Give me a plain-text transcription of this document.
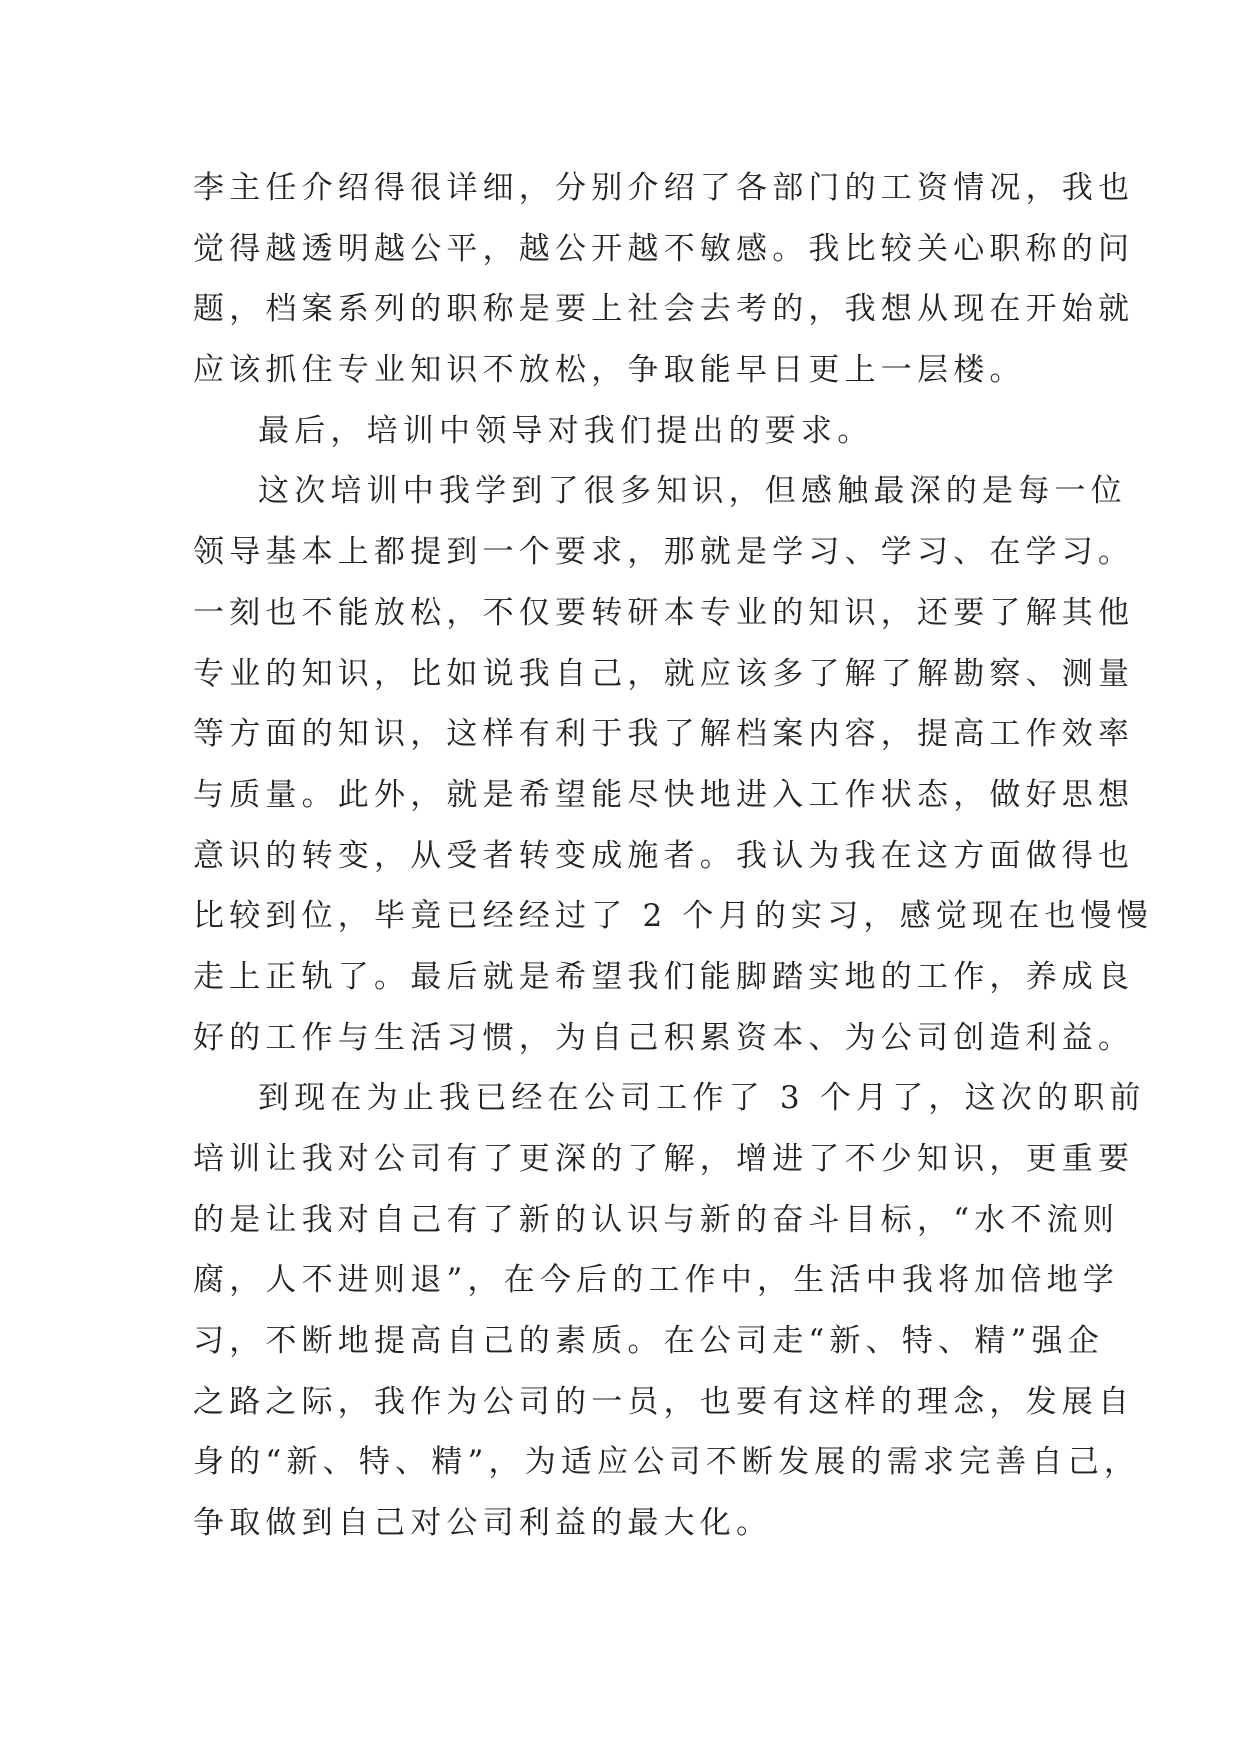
李主任介绍得很详细，分别介绍了各部门的工资情况，我也
觉得越透明越公平，越公开越不敏感。我比较关心职称的问
题，档案系列的职称是要上社会去考的，我想从现在开始就
应该抓住专业知识不放松，争取能早日更上一层楼。
最后，培训中领导对我们提出的要求。
这次培训中我学到了很多知识，但感触最深的是每一位
领导基本上都提到一个要求，那就是学习、学习、在学习。
一刻也不能放松，不仅要转研本专业的知识，还要了解其他
专业的知识，比如说我自己，就应该多了解了解勘察、测量
等方面的知识，这样有利于我了解档案内容，提高工作效率
与质量。此外，就是希望能尽快地进入工作状态，做好思想
意识的转变，从受者转变成施者。我认为我在这方面做得也
比较到位，毕竟已经经过了 2 个月的实习，感觉现在也慢慢
走上正轨了。最后就是希望我们能脚踏实地的工作，养成良
好的工作与生活习惯，为自己积累资本、为公司创造利益。
到现在为止我已经在公司工作了 3 个月了，这次的职前
培训让我对公司有了更深的了解，增进了不少知识，更重要
的是让我对自己有了新的认识与新的奋斗目标，“水不流则
腐，人不进则退”，在今后的工作中，生活中我将加倍地学
习，不断地提高自己的素质。在公司走“新、特、精”强企
之路之际，我作为公司的一员，也要有这样的理念，发展自
身的“新、特、精”，为适应公司不断发展的需求完善自己，
争取做到自己对公司利益的最大化。
